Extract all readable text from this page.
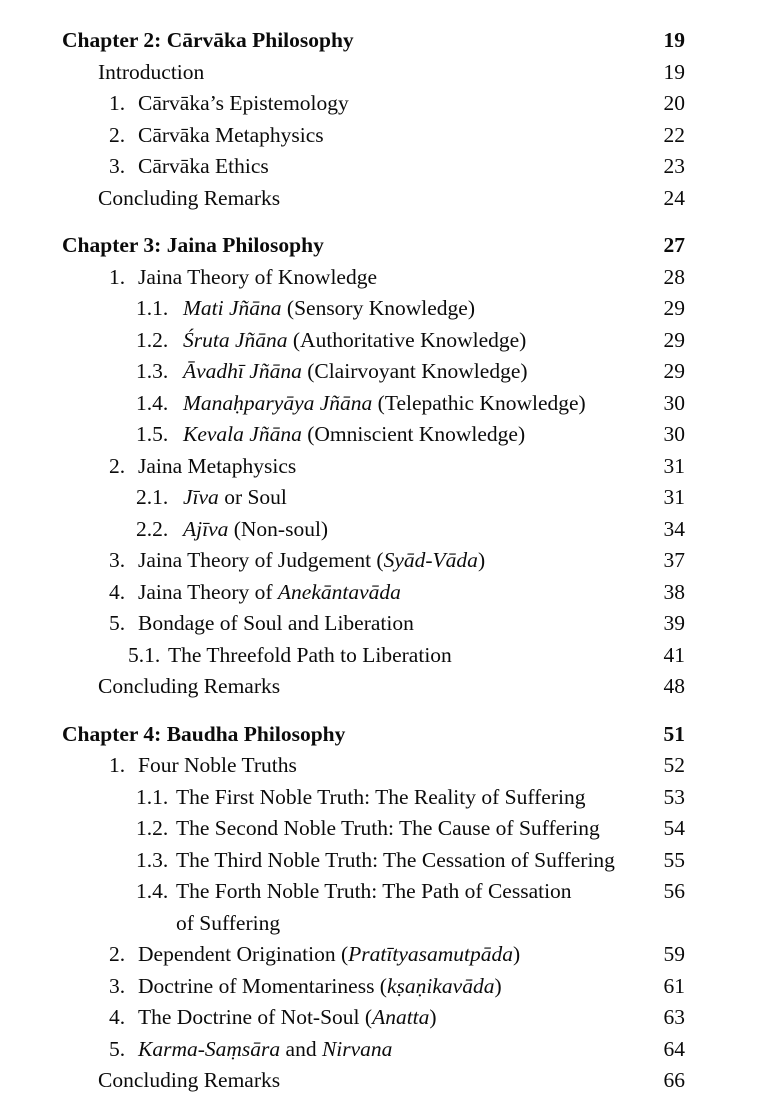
Chapter 2: Cārvāka Philosophy	19
Introduction	19
1. Cārvāka’s Epistemology	20
2. Cārvāka Metaphysics	22
3. Cārvāka Ethics	23
Concluding Remarks	24
Chapter 3: Jaina Philosophy	27
1. Jaina Theory of Knowledge	28
1.1. Mati Jñāna (Sensory Knowledge)	29
1.2. Śruta Jñāna (Authoritative Knowledge)	29
1.3. Āvadhī Jñāna (Clairvoyant Knowledge)	29
1.4. Manaḥparyāya Jñāna (Telepathic Knowledge)	30
1.5. Kevala Jñāna (Omniscient Knowledge)	30
2. Jaina Metaphysics	31
2.1. Jīva or Soul	31
2.2. Ajīva (Non-soul)	34
3. Jaina Theory of Judgement (Syād-Vāda)	37
4. Jaina Theory of Anekāntavāda	38
5. Bondage of Soul and Liberation	39
5.1. The Threefold Path to Liberation	41
Concluding Remarks	48
Chapter 4: Baudha Philosophy	51
1. Four Noble Truths	52
1.1. The First Noble Truth: The Reality of Suffering	53
1.2. The Second Noble Truth: The Cause of Suffering	54
1.3. The Third Noble Truth: The Cessation of Suffering	55
1.4. The Forth Noble Truth: The Path of Cessation	56
of Suffering
2. Dependent Origination (Pratītyasamutpāda)	59
3. Doctrine of Momentariness (kṣaṇikavāda)	61
4. The Doctrine of Not-Soul (Anatta)	63
5. Karma-Saṃsāra and Nirvana	64
Concluding Remarks	66
